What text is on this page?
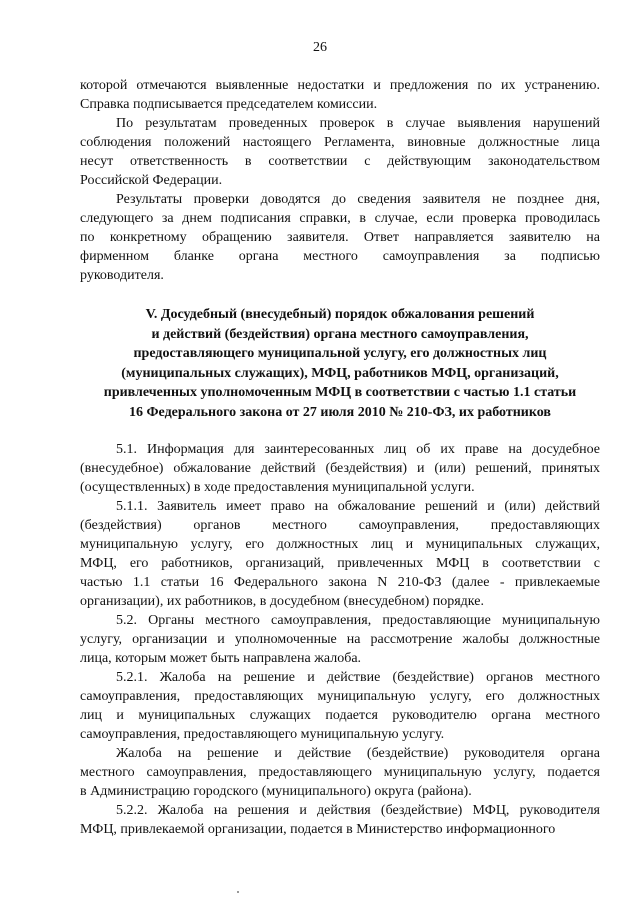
26
которой отмечаются выявленные недостатки и предложения по их устранению.
Справка подписывается председателем комиссии.
По результатам проведенных проверок в случае выявления нарушений
соблюдения положений настоящего Регламента, виновные должностные лица
несут ответственность в соответствии с действующим законодательством
Российской Федерации.
Результаты проверки доводятся до сведения заявителя не позднее дня,
следующего за днем подписания справки, в случае, если проверка проводилась
по конкретному обращению заявителя. Ответ направляется заявителю на
фирменном бланке органа местного самоуправления за подписью
руководителя.
V. Досудебный (внесудебный) порядок обжалования решений
и действий (бездействия) органа местного самоуправления,
предоставляющего муниципальной услугу, его должностных лиц
(муниципальных служащих), МФЦ, работников МФЦ, организаций,
привлеченных уполномоченным МФЦ в соответствии с частью 1.1 статьи
16 Федерального закона от 27 июля 2010 № 210-ФЗ, их работников
5.1. Информация для заинтересованных лиц об их праве на досудебное
(внесудебное) обжалование действий (бездействия) и (или) решений, принятых
(осуществленных) в ходе предоставления муниципальной услуги.
5.1.1. Заявитель имеет право на обжалование решений и (или) действий
(бездействия) органов местного самоуправления, предоставляющих
муниципальную услугу, его должностных лиц и муниципальных служащих,
МФЦ, его работников, организаций, привлеченных МФЦ в соответствии с
частью 1.1 статьи 16 Федерального закона N 210-ФЗ (далее - привлекаемые
организации), их работников, в досудебном (внесудебном) порядке.
5.2. Органы местного самоуправления, предоставляющие муниципальную
услугу, организации и уполномоченные на рассмотрение жалобы должностные
лица, которым может быть направлена жалоба.
5.2.1. Жалоба на решение и действие (бездействие) органов местного
самоуправления, предоставляющих муниципальную услугу, его должностных
лиц и муниципальных служащих подается руководителю органа местного
самоуправления, предоставляющего муниципальную услугу.
Жалоба на решение и действие (бездействие) руководителя органа
местного самоуправления, предоставляющего муниципальную услугу, подается
в Администрацию городского (муниципального) округа (района).
5.2.2. Жалоба на решения и действия (бездействие) МФЦ, руководителя
МФЦ, привлекаемой организации, подается в Министерство информационного
